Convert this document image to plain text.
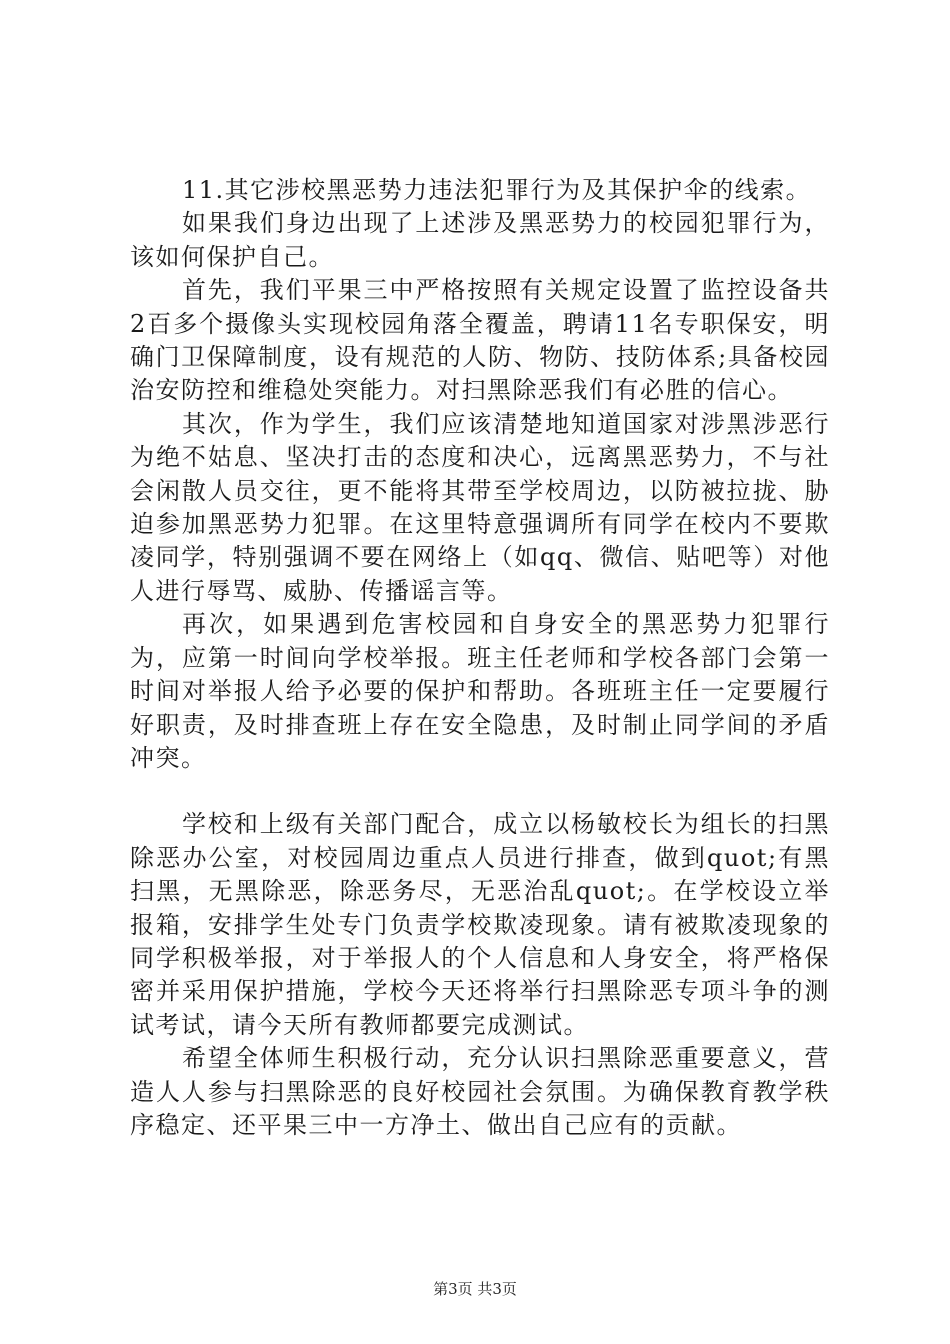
11.其它涉校黑恶势力违法犯罪行为及其保护伞的线索。

如果我们身边出现了上述涉及黑恶势力的校园犯罪行为，该如何保护自己。

首先，我们平果三中严格按照有关规定设置了监控设备共2百多个摄像头实现校园角落全覆盖，聘请11名专职保安，明确门卫保障制度，设有规范的人防、物防、技防体系;具备校园治安防控和维稳处突能力。对扫黑除恶我们有必胜的信心。

其次，作为学生，我们应该清楚地知道国家对涉黑涉恶行为绝不姑息、坚决打击的态度和决心，远离黑恶势力，不与社会闲散人员交往，更不能将其带至学校周边，以防被拉拢、胁迫参加黑恶势力犯罪。在这里特意强调所有同学在校内不要欺凌同学，特别强调不要在网络上（如qq、微信、贴吧等）对他人进行辱骂、威胁、传播谣言等。

再次，如果遇到危害校园和自身安全的黑恶势力犯罪行为，应第一时间向学校举报。班主任老师和学校各部门会第一时间对举报人给予必要的保护和帮助。各班班主任一定要履行好职责，及时排查班上存在安全隐患，及时制止同学间的矛盾冲突。

学校和上级有关部门配合，成立以杨敏校长为组长的扫黑除恶办公室，对校园周边重点人员进行排查，做到quot;有黑扫黑，无黑除恶，除恶务尽，无恶治乱quot;。在学校设立举报箱，安排学生处专门负责学校欺凌现象。请有被欺凌现象的同学积极举报，对于举报人的个人信息和人身安全，将严格保密并采用保护措施，学校今天还将举行扫黑除恶专项斗争的测试考试，请今天所有教师都要完成测试。

希望全体师生积极行动，充分认识扫黑除恶重要意义，营造人人参与扫黑除恶的良好校园社会氛围。为确保教育教学秩序稳定、还平果三中一方净土、做出自己应有的贡献。

第3页 共3页
